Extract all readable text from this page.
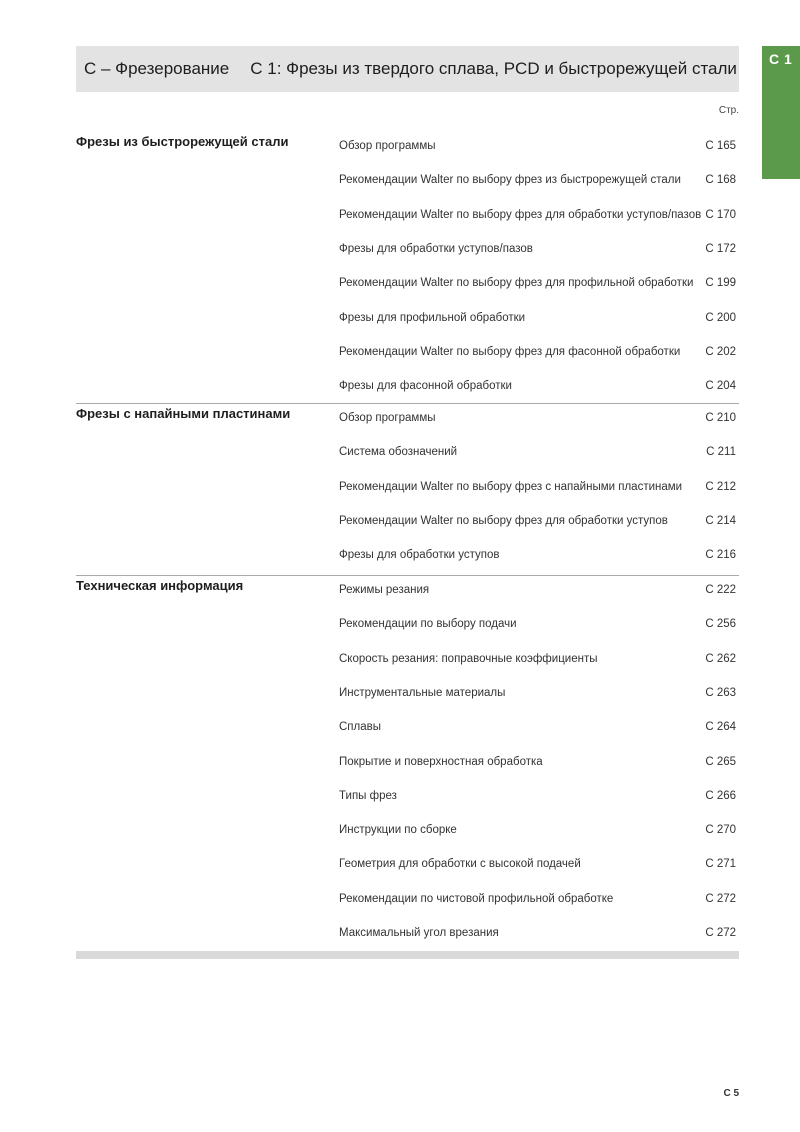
C – Фрезерование C 1: Фрезы из твердого сплава, PCD и быстрорежущей стали C 1
Стр.
Фрезы из быстрорежущей стали	Обзор программы	C 165
Рекомендации Walter по выбору фрез из быстрорежущей стали C 168
Рекомендации Walter по выбору фрез для обработки уступов/пазов C 170
Фрезы для обработки уступов/пазов	C 172
Рекомендации Walter по выбору фрез для профильной обработки C 199
Фрезы для профильной обработки	C 200
Рекомендации Walter по выбору фрез для фасонной обработки C 202
Фрезы для фасонной обработки	C 204
Фрезы с напайными пластинами	Обзор программы	C 210
Система обозначений	C 211
Рекомендации Walter по выбору фрез с напайными пластинами C 212
Рекомендации Walter по выбору фрез для обработки уступов	C 214
Фрезы для обработки уступов	C 216
Техническая информация	Режимы резания	C 222
Рекомендации по выбору подачи	C 256
Скорость резания: поправочные коэффициенты	C 262
Инструментальные материалы	C 263
Сплавы	C 264
Покрытие и поверхностная обработка	C 265
Типы фрез	C 266
Инструкции по сборке	C 270
Геометрия для обработки с высокой подачей	C 271
Рекомендации по чистовой профильной обработке	C 272
Максимальный угол врезания	C 272
C 5
